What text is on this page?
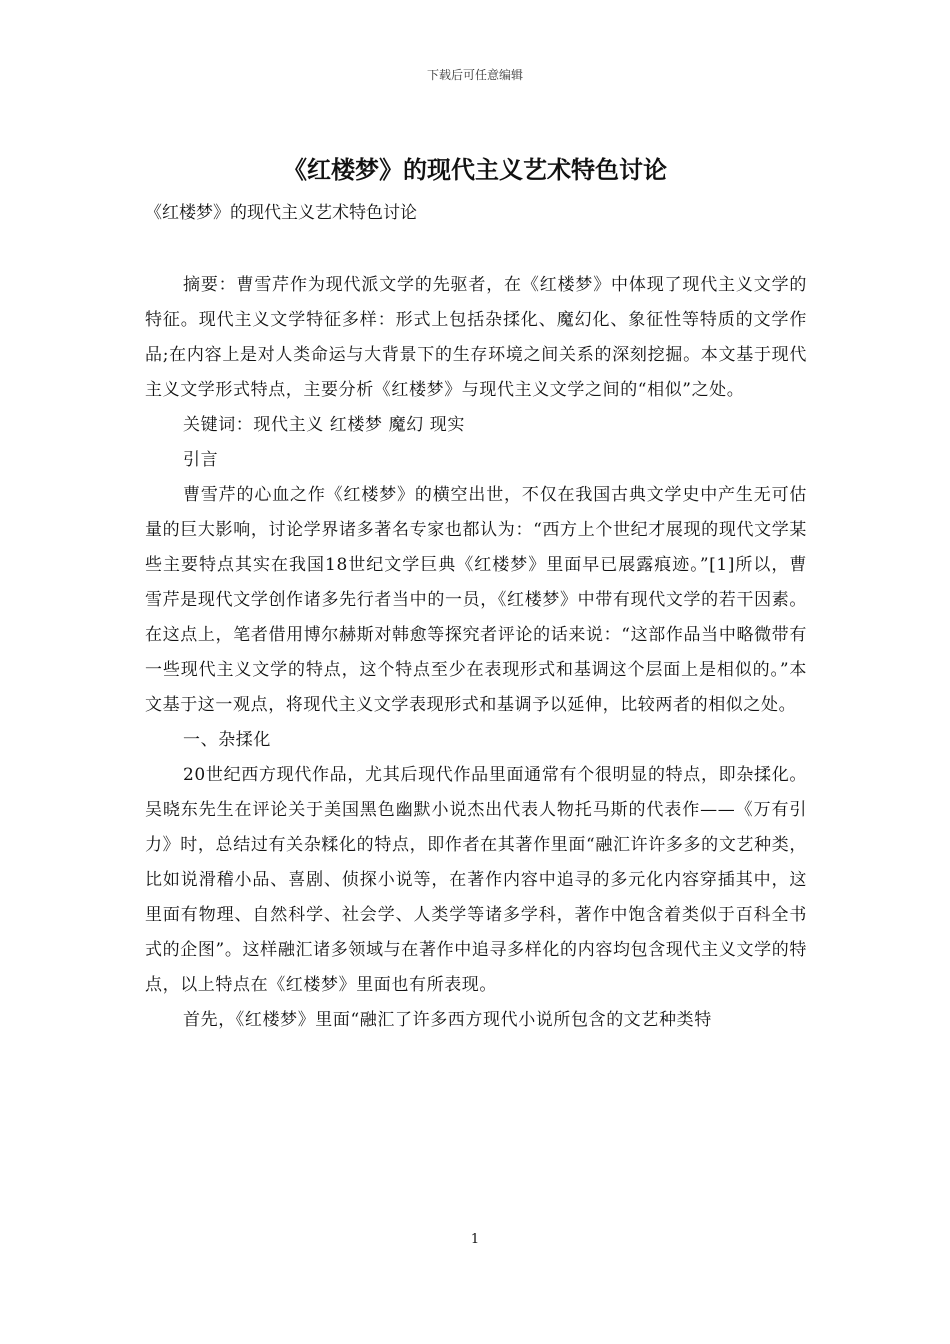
下载后可任意编辑
《红楼梦》的现代主义艺术特色讨论

《红楼梦》的现代主义艺术特色讨论

摘要：曹雪芹作为现代派文学的先驱者，在《红楼梦》中体现了现代主义文学的特征。现代主义文学特征多样：形式上包括杂揉化、魔幻化、象征性等特质的文学作品;在内容上是对人类命运与大背景下的生存环境之间关系的深刻挖掘。本文基于现代主义文学形式特点，主要分析《红楼梦》与现代主义文学之间的“相似”之处。

关键词：现代主义 红楼梦 魔幻 现实

引言

曹雪芹的心血之作《红楼梦》的横空出世，不仅在我国古典文学史中产生无可估量的巨大影响，讨论学界诸多著名专家也都认为：“西方上个世纪才展现的现代文学某些主要特点其实在我国18世纪文学巨典《红楼梦》里面早已展露痕迹。”[1]所以，曹雪芹是现代文学创作诸多先行者当中的一员，《红楼梦》中带有现代文学的若干因素。在这点上，笔者借用博尔赫斯对韩愈等探究者评论的话来说：“这部作品当中略微带有一些现代主义文学的特点，这个特点至少在表现形式和基调这个层面上是相似的。”本文基于这一观点，将现代主义文学表现形式和基调予以延伸，比较两者的相似之处。

一、杂揉化

20世纪西方现代作品，尤其后现代作品里面通常有个很明显的特点，即杂揉化。吴晓东先生在评论关于美国黑色幽默小说杰出代表人物托马斯的代表作——《万有引力》时，总结过有关杂糅化的特点，即作者在其著作里面“融汇许许多多的文艺种类，比如说滑稽小品、喜剧、侦探小说等，在著作内容中追寻的多元化内容穿插其中，这里面有物理、自然科学、社会学、人类学等诸多学科，著作中饱含着类似于百科全书式的企图”。这样融汇诸多领域与在著作中追寻多样化的内容均包含现代主义文学的特点，以上特点在《红楼梦》里面也有所表现。

首先，《红楼梦》里面“融汇了许多西方现代小说所包含的文艺种类特

1
